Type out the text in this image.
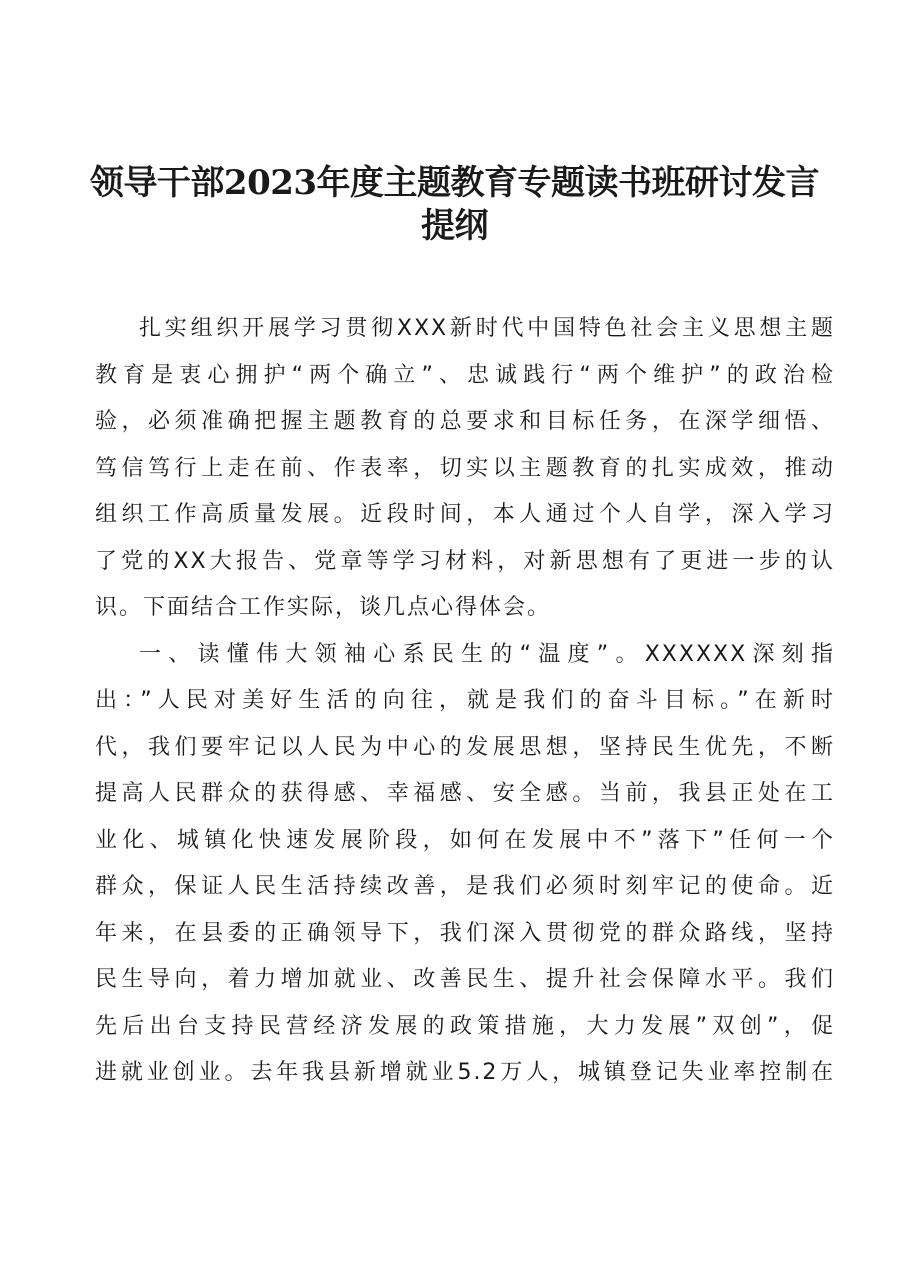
领导干部2023年度主题教育专题读书班研讨发言
提纲
扎实组织开展学习贯彻XXX新时代中国特色社会主义思想主题
教育是衷心拥护“两个确立”、忠诚践行“两个维护”的政治检
验，必须准确把握主题教育的总要求和目标任务，在深学细悟、
笃信笃行上走在前、作表率，切实以主题教育的扎实成效，推动
组织工作高质量发展。近段时间，本人通过个人自学，深入学习
了党的XX大报告、党章等学习材料，对新思想有了更进一步的认
识。下面结合工作实际，谈几点心得体会。
一、读懂伟大领袖心系民生的“温度”。XXXXXX深刻指
出：”人民对美好生活的向往，就是我们的奋斗目标。”在新时
代，我们要牢记以人民为中心的发展思想，坚持民生优先，不断
提高人民群众的获得感、幸福感、安全感。当前，我县正处在工
业化、城镇化快速发展阶段，如何在发展中不”落下”任何一个
群众，保证人民生活持续改善，是我们必须时刻牢记的使命。近
年来，在县委的正确领导下，我们深入贯彻党的群众路线，坚持
民生导向，着力增加就业、改善民生、提升社会保障水平。我们
先后出台支持民营经济发展的政策措施，大力发展”双创”，促
进就业创业。去年我县新增就业5.2万人，城镇登记失业率控制在
